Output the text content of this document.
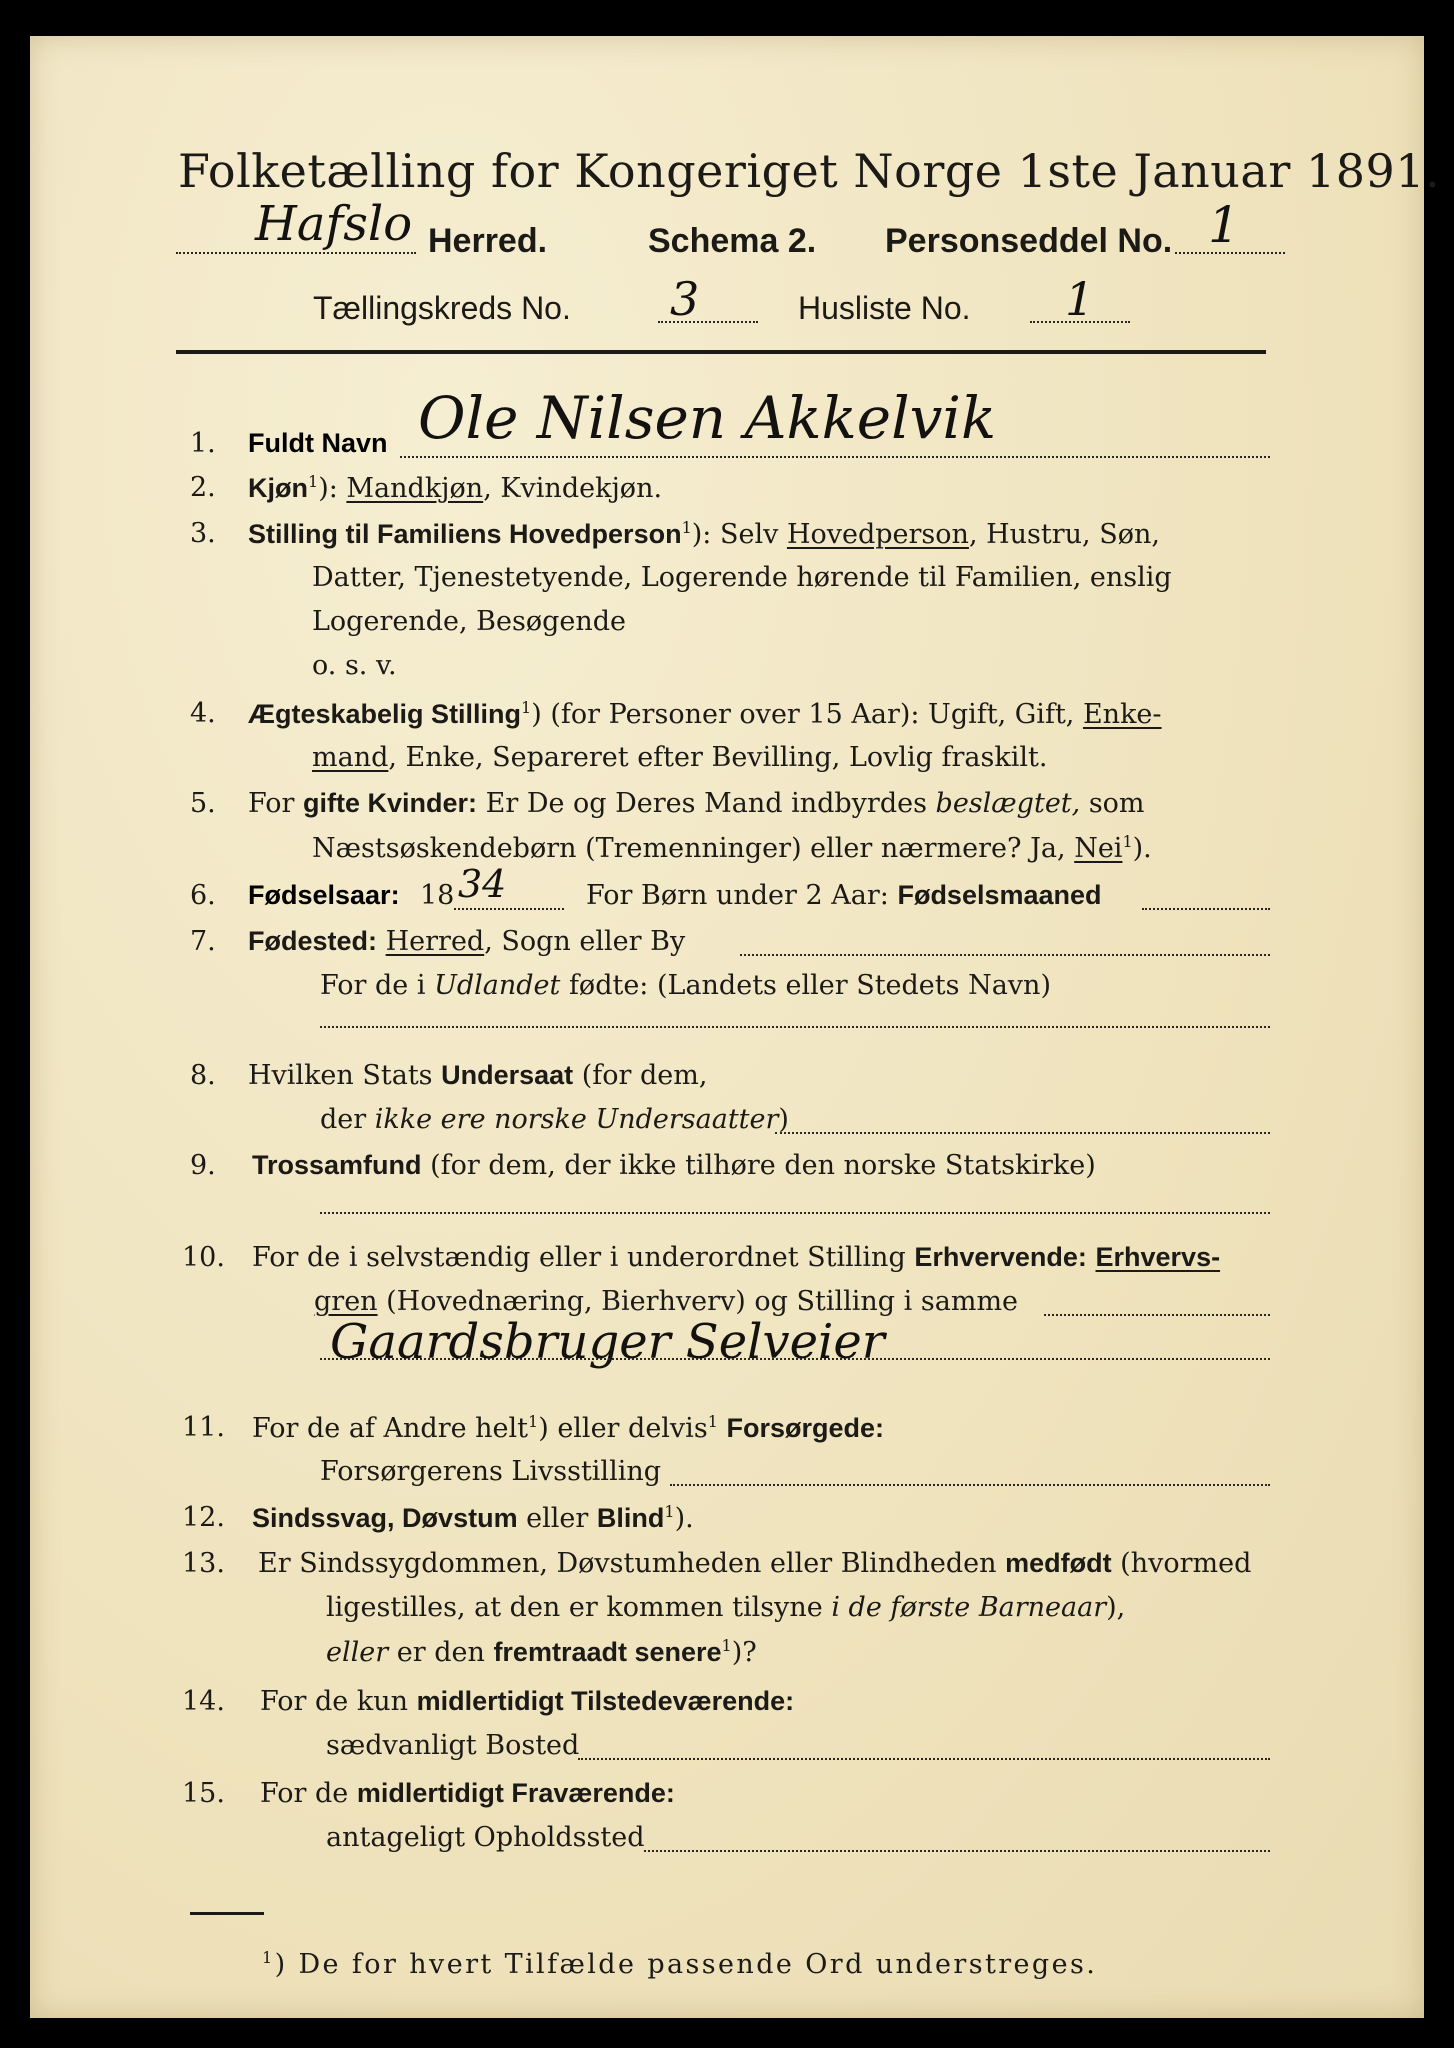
Folketælling for Kongeriget Norge 1ste Januar 1891.
Hafslo Herred.	Schema 2. Personseddel No. 1
Tællingskreds No. 3	Husliste No. 1
1. Fuldt Navn Ole Nilsen Akkelvik
2. Kjøn$^1$): Mandkjøn, Kvindekjøn.
3. Stilling til Familiens Hovedperson$^1$): Selv Hovedperson, Hustru, Søn,
Datter, Tjenestetyende, Logerende hørende til Familien, enslig
Logerende, Besøgende
o. s. v.
4. Ægteskabelig Stilling$^1$) (for Personer over 15 Aar): Ugift, Gift, Enke-
mand, Enke, Separeret efter Bevilling, Lovlig fraskilt.
5. For gifte Kvinder: Er De og Deres Mand indbyrdes beslægtet, som
Næstsøskendebørn (Tremenninger) eller nærmere? Ja, Nei$^1$).
6. Fødselsaar: 18 34	For Børn under 2 Aar: Fødselsmaaned
7. Fødested: Herred, Sogn eller By
For de i Udlandet fødte: (Landets eller Stedets Navn)
8. Hvilken Stats Undersaat (for dem,
der ikke ere norske Undersaatter)
9. Trossamfund (for dem, der ikke tilhøre den norske Statskirke)
10. For de i selvstændig eller i underordnet Stilling Erhvervende: Erhvervs-
gren (Hovednæring, Bierhverv) og Stilling i samme
Gaardsbruger Selveier
11. For de af Andre helt$^1$) eller delvis$^1$ Forsørgede:
Forsørgerens Livsstilling
12. Sindssvag, Døvstum eller Blind$^1$).
13. Er Sindssygdommen, Døvstumheden eller Blindheden medfødt (hvormed
ligestilles, at den er kommen tilsyne i de første Barneaar),
eller er den fremtraadt senere$^1$)?
14. For de kun midlertidigt Tilstedeværende:
sædvanligt Bosted
15. For de midlertidigt Fraværende:
antageligt Opholdssted
$^1$) De for hvert Tilfælde passende Ord understreges.
